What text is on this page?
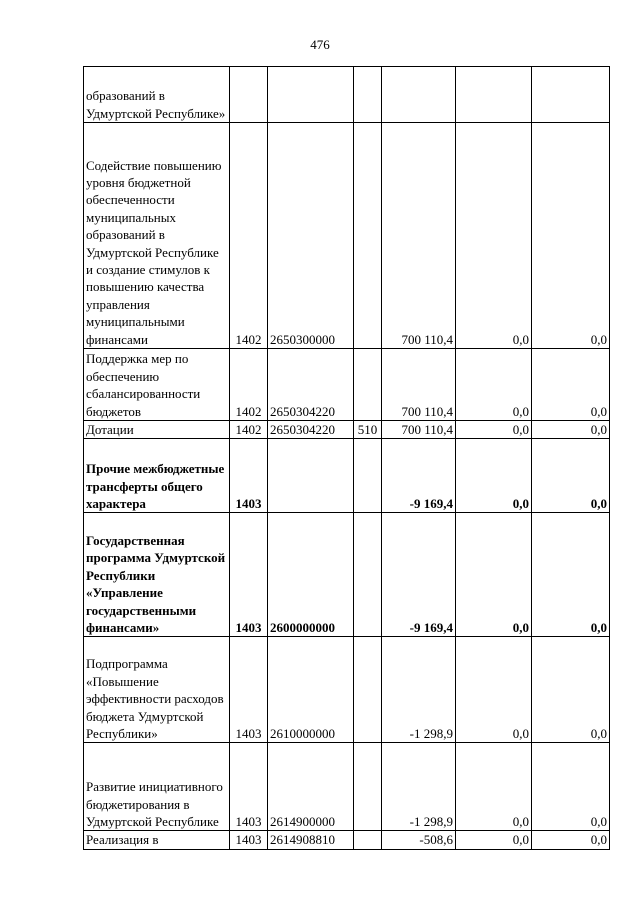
476
образований в Удмуртской Республике»						
Содействие повышению уровня бюджетной обеспеченности муниципальных образований в Удмуртской Республике и создание стимулов к повышению качества управления муниципальными финансами	1402	2650300000		700 110,4	0,0	0,0
Поддержка мер по обеспечению сбалансированности бюджетов	1402	2650304220		700 110,4	0,0	0,0
Дотации	1402	2650304220	510	700 110,4	0,0	0,0
Прочие межбюджетные трансферты общего характера	1403			-9 169,4	0,0	0,0
Государственная программа Удмуртской Республики «Управление государственными финансами»	1403	2600000000		-9 169,4	0,0	0,0
Подпрограмма «Повышение эффективности расходов бюджета Удмуртской Республики»	1403	2610000000		-1 298,9	0,0	0,0
Развитие инициативного бюджетирования в Удмуртской Республике	1403	2614900000		-1 298,9	0,0	0,0
Реализация в	1403	2614908810		-508,6	0,0	0,0
